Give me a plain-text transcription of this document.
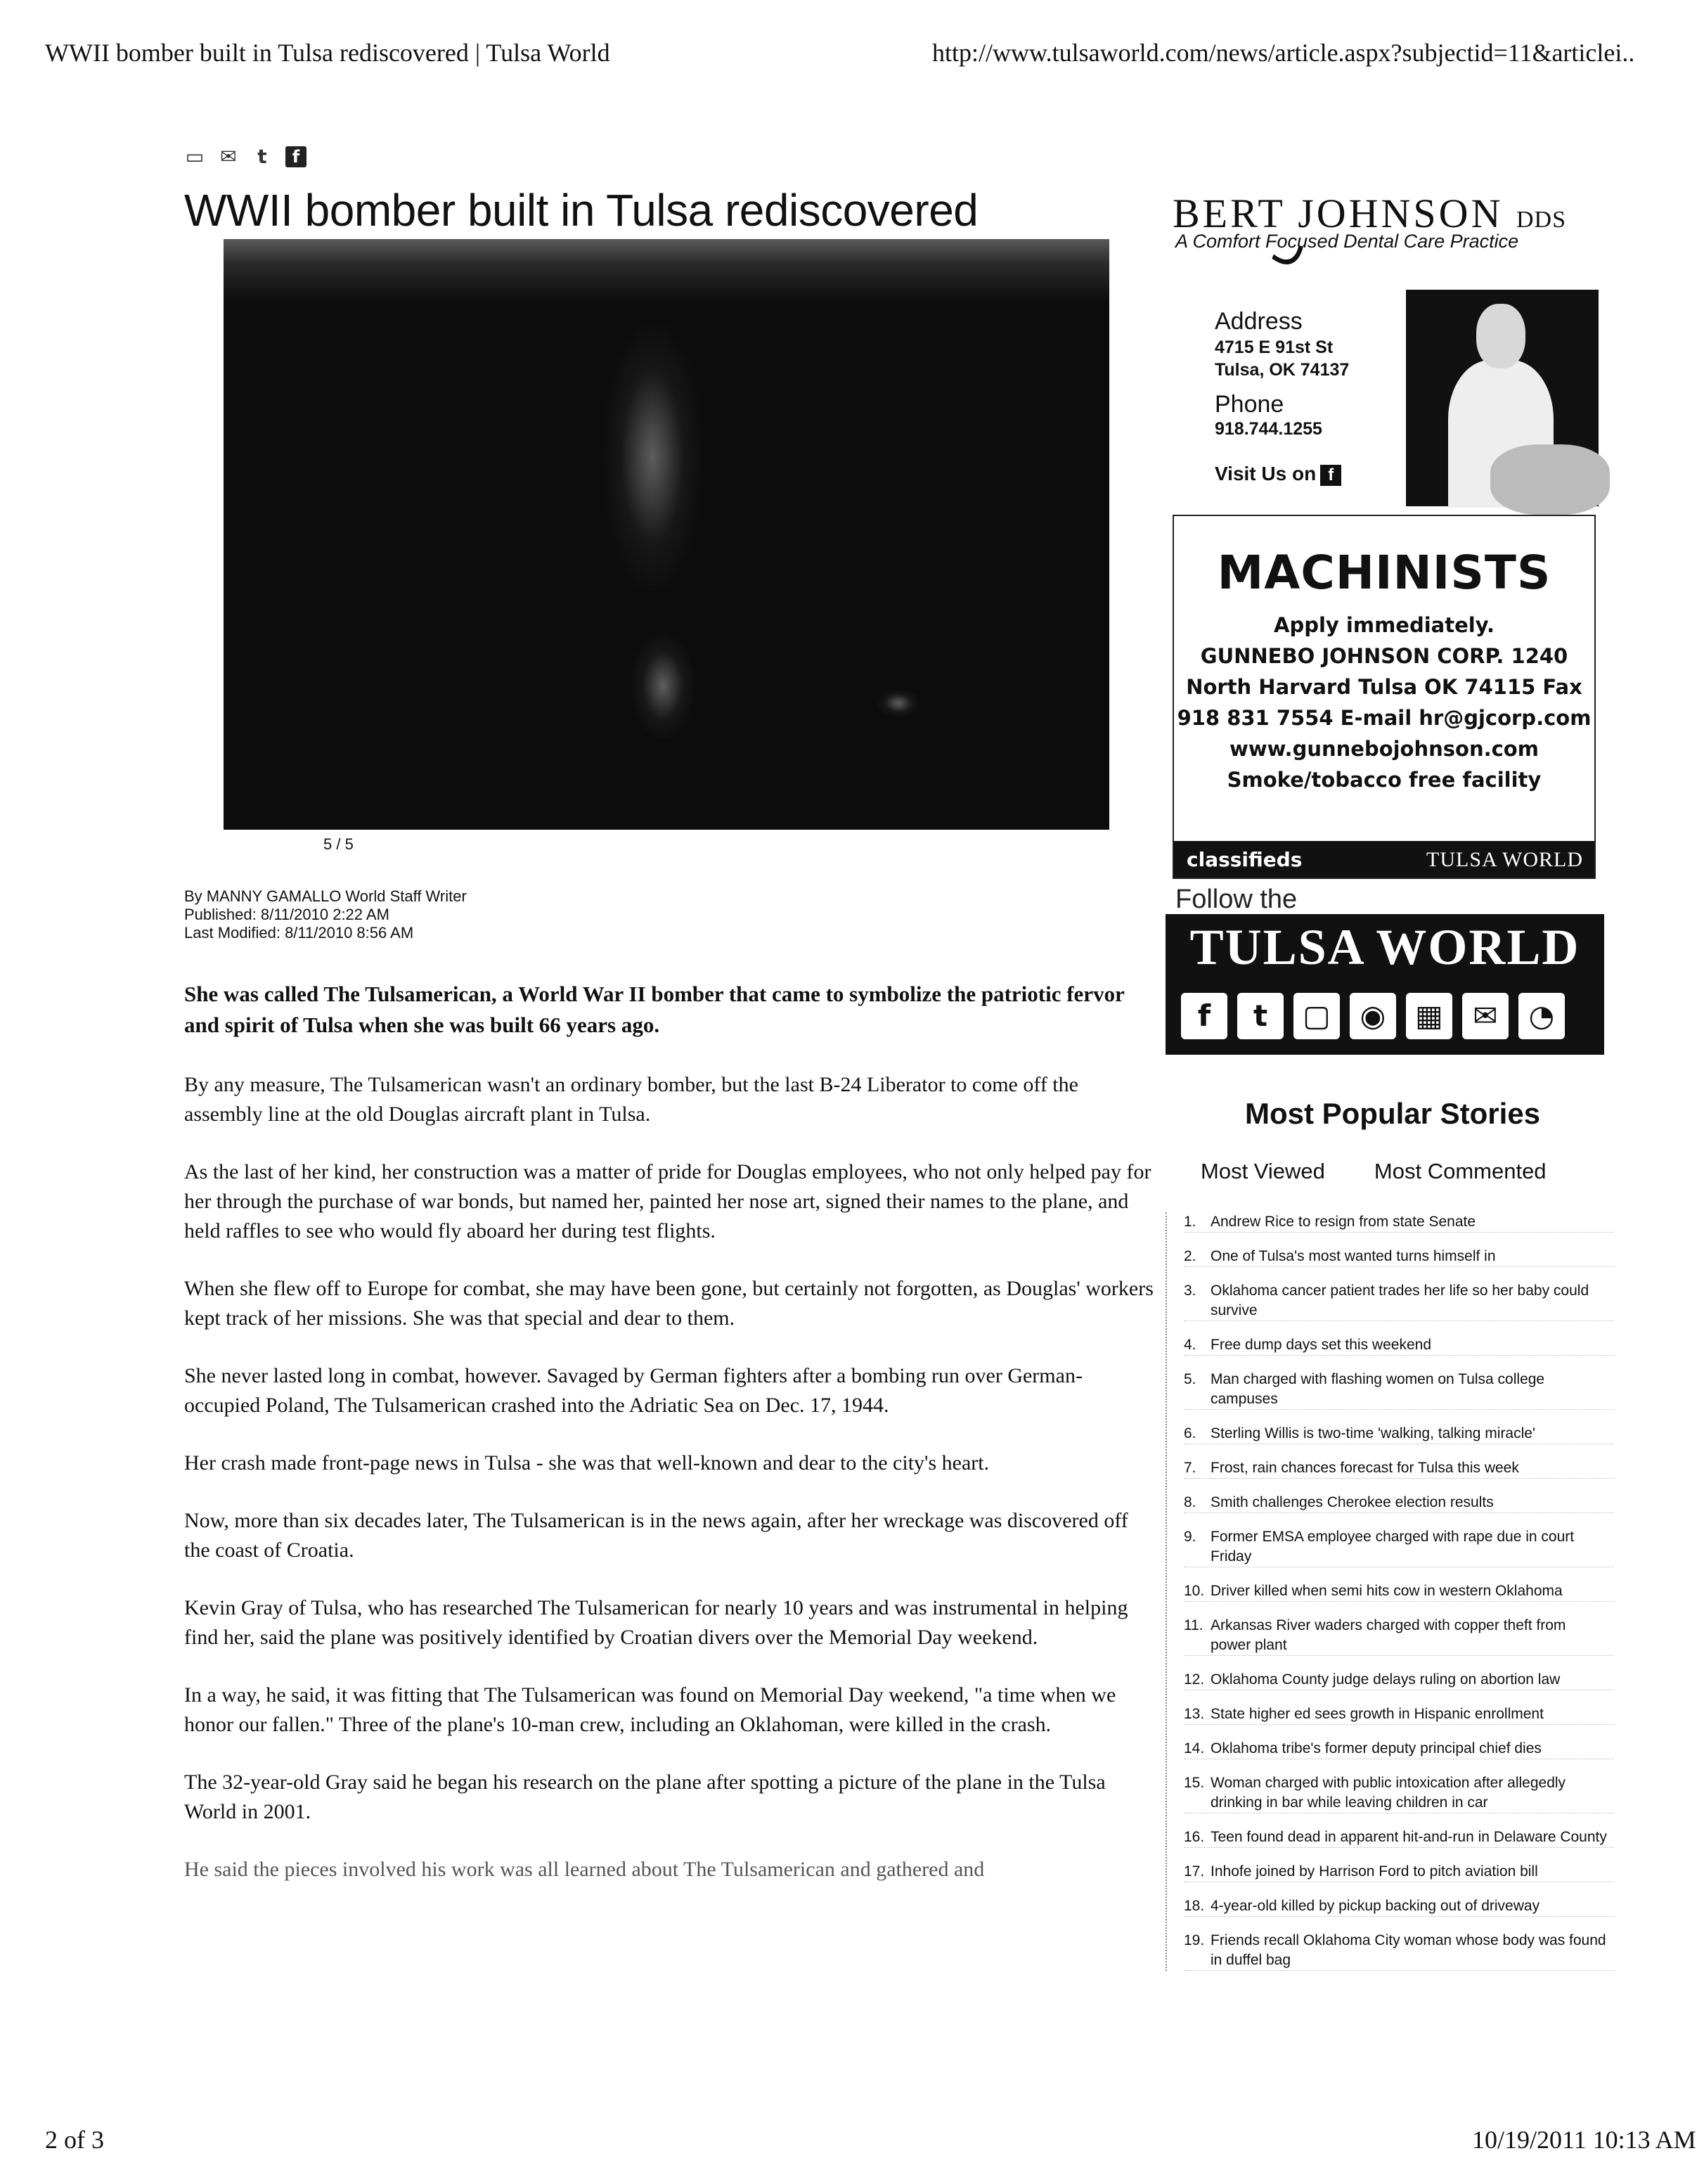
WWII bomber built in Tulsa rediscovered | Tulsa World	http://www.tulsaworld.com/news/article.aspx?subjectid=11&articlei..
▭ ✉ t	f
WWII bomber built in Tulsa rediscovered
5 / 5
By MANNY GAMALLO World Staff Writer
Published: 8/11/2010 2:22 AM
Last Modified: 8/11/2010 8:56 AM

She was called The Tulsamerican, a World War II bomber that came to symbolize the patriotic fervor and spirit of Tulsa when she was built 66 years ago.

By any measure, The Tulsamerican wasn't an ordinary bomber, but the last B-24 Liberator to come off the assembly line at the old Douglas aircraft plant in Tulsa.

As the last of her kind, her construction was a matter of pride for Douglas employees, who not only helped pay for her through the purchase of war bonds, but named her, painted her nose art, signed their names to the plane, and held raffles to see who would fly aboard her during test flights.

When she flew off to Europe for combat, she may have been gone, but certainly not forgotten, as Douglas' workers kept track of her missions. She was that special and dear to them.

She never lasted long in combat, however. Savaged by German fighters after a bombing run over German-occupied Poland, The Tulsamerican crashed into the Adriatic Sea on Dec. 17, 1944.

Her crash made front-page news in Tulsa - she was that well-known and dear to the city's heart.

Now, more than six decades later, The Tulsamerican is in the news again, after her wreckage was discovered off the coast of Croatia.

Kevin Gray of Tulsa, who has researched The Tulsamerican for nearly 10 years and was instrumental in helping find her, said the plane was positively identified by Croatian divers over the Memorial Day weekend.

In a way, he said, it was fitting that The Tulsamerican was found on Memorial Day weekend, "a time when we honor our fallen." Three of the plane's 10-man crew, including an Oklahoman, were killed in the crash.

The 32-year-old Gray said he began his research on the plane after spotting a picture of the plane in the Tulsa World in 2001.

He said the pieces involved his work was all learned about The Tulsamerican and gathered and
BERT JOHNSON DDS
A Comfort Focused Dental Care Practice
Address
4715 E 91st St
Tulsa, OK 74137
Phone
918.744.1255
Visit Us on f
MACHINISTS
Apply immediately.
GUNNEBO JOHNSON CORP. 1240
North Harvard Tulsa OK 74115 Fax
918 831 7554 E-mail hr@gjcorp.com
www.gunnebojohnson.com
Smoke/tobacco free facility
classifieds	TULSA WORLD
Follow the
TULSA WORLD
f	t	▢ ◉ ▦	✉	◔
Most Popular Stories
Most Viewed Most Commented
1. Andrew Rice to resign from state Senate
2. One of Tulsa's most wanted turns himself in
3. Oklahoma cancer patient trades her life so her baby could survive
4. Free dump days set this weekend
5. Man charged with flashing women on Tulsa college campuses
6. Sterling Willis is two-time 'walking, talking miracle'
7. Frost, rain chances forecast for Tulsa this week
8. Smith challenges Cherokee election results
9. Former EMSA employee charged with rape due in court Friday
10. Driver killed when semi hits cow in western Oklahoma
11. Arkansas River waders charged with copper theft from power plant
12. Oklahoma County judge delays ruling on abortion law
13. State higher ed sees growth in Hispanic enrollment
14. Oklahoma tribe's former deputy principal chief dies
15. Woman charged with public intoxication after allegedly drinking in bar while leaving children in car
16. Teen found dead in apparent hit-and-run in Delaware County
17. Inhofe joined by Harrison Ford to pitch aviation bill
18. 4-year-old killed by pickup backing out of driveway
19. Friends recall Oklahoma City woman whose body was found in duffel bag
2 of 3	10/19/2011 10:13 AM
